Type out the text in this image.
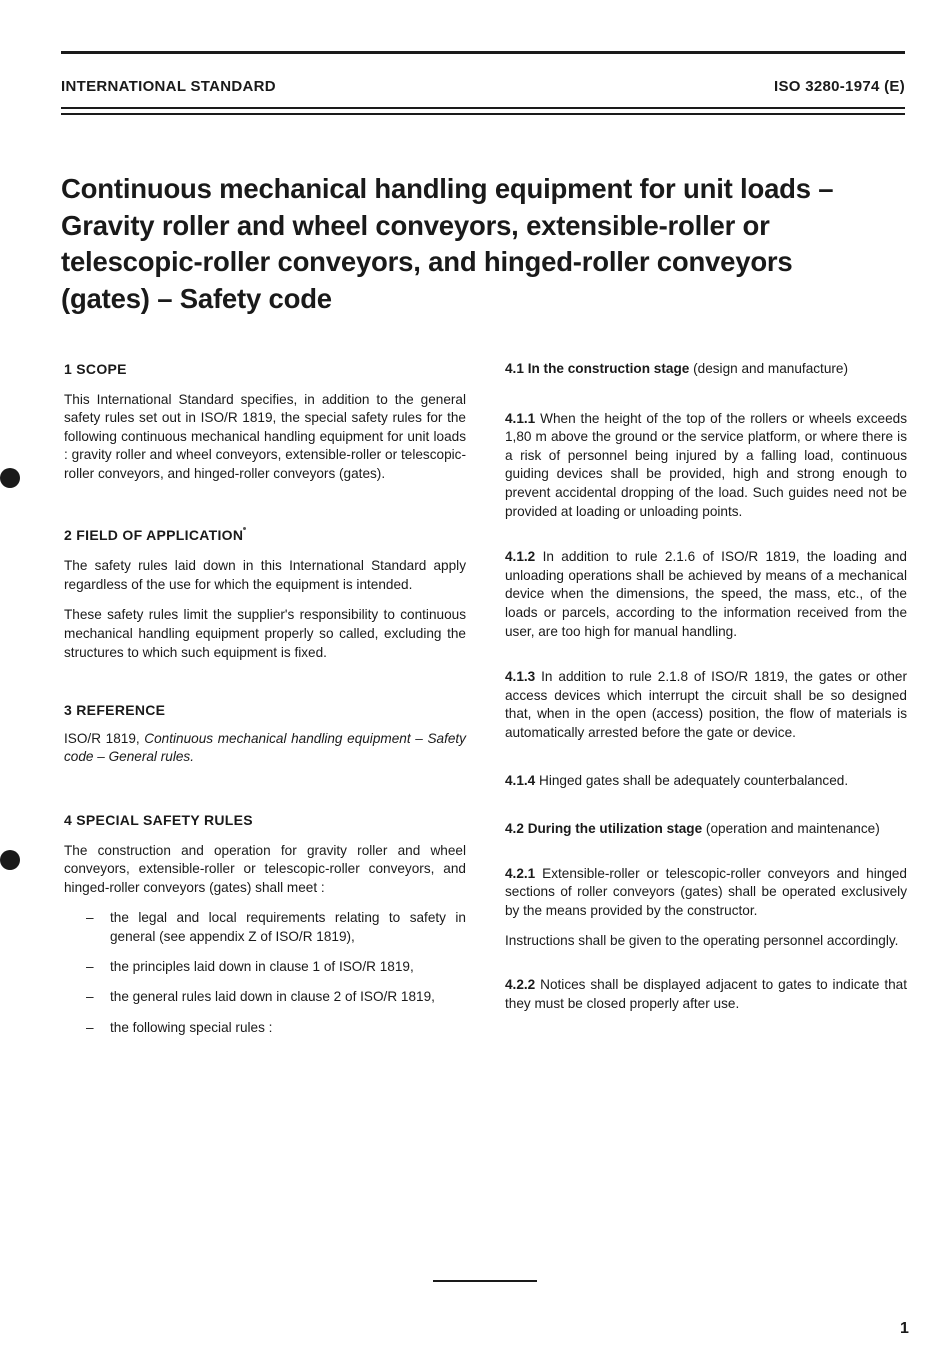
INTERNATIONAL STANDARD	ISO 3280-1974 (E)
Continuous mechanical handling equipment for unit loads –
Gravity roller and wheel conveyors, extensible-roller or
telescopic-roller conveyors, and hinged-roller conveyors
(gates) – Safety code
1 SCOPE

This International Standard specifies, in addition to the general safety rules set out in ISO/R 1819, the special safety rules for the following continuous mechanical handling equipment for unit loads : gravity roller and wheel conveyors, extensible-roller or telescopic-roller conveyors, and hinged-roller conveyors (gates).

2 FIELD OF APPLICATION

The safety rules laid down in this International Standard apply regardless of the use for which the equipment is intended.

These safety rules limit the supplier's responsibility to continuous mechanical handling equipment properly so called, excluding the structures to which such equipment is fixed.

3 REFERENCE

ISO/R 1819, Continuous mechanical handling equipment – Safety code – General rules.

4 SPECIAL SAFETY RULES

The construction and operation for gravity roller and wheel conveyors, extensible-roller or telescopic-roller conveyors, and hinged-roller conveyors (gates) shall meet :

–	the legal and local requirements relating to safety in general (see appendix Z of ISO/R 1819),
–	the principles laid down in clause 1 of ISO/R 1819,
–	the general rules laid down in clause 2 of ISO/R 1819,
–	the following special rules :

4.1 In the construction stage (design and manufacture)

4.1.1 When the height of the top of the rollers or wheels exceeds 1,80 m above the ground or the service platform, or where there is a risk of personnel being injured by a falling load, continuous guiding devices shall be provided, high and strong enough to prevent accidental dropping of the load. Such guides need not be provided at loading or unloading points.

4.1.2 In addition to rule 2.1.6 of ISO/R 1819, the loading and unloading operations shall be achieved by means of a mechanical device when the dimensions, the speed, the mass, etc., of the loads or parcels, according to the information received from the user, are too high for manual handling.

4.1.3 In addition to rule 2.1.8 of ISO/R 1819, the gates or other access devices which interrupt the circuit shall be so designed that, when in the open (access) position, the flow of materials is automatically arrested before the gate or device.

4.1.4 Hinged gates shall be adequately counterbalanced.

4.2 During the utilization stage (operation and maintenance)

4.2.1 Extensible-roller or telescopic-roller conveyors and hinged sections of roller conveyors (gates) shall be operated exclusively by the means provided by the constructor.

Instructions shall be given to the operating personnel accordingly.

4.2.2 Notices shall be displayed adjacent to gates to indicate that they must be closed properly after use.

1
